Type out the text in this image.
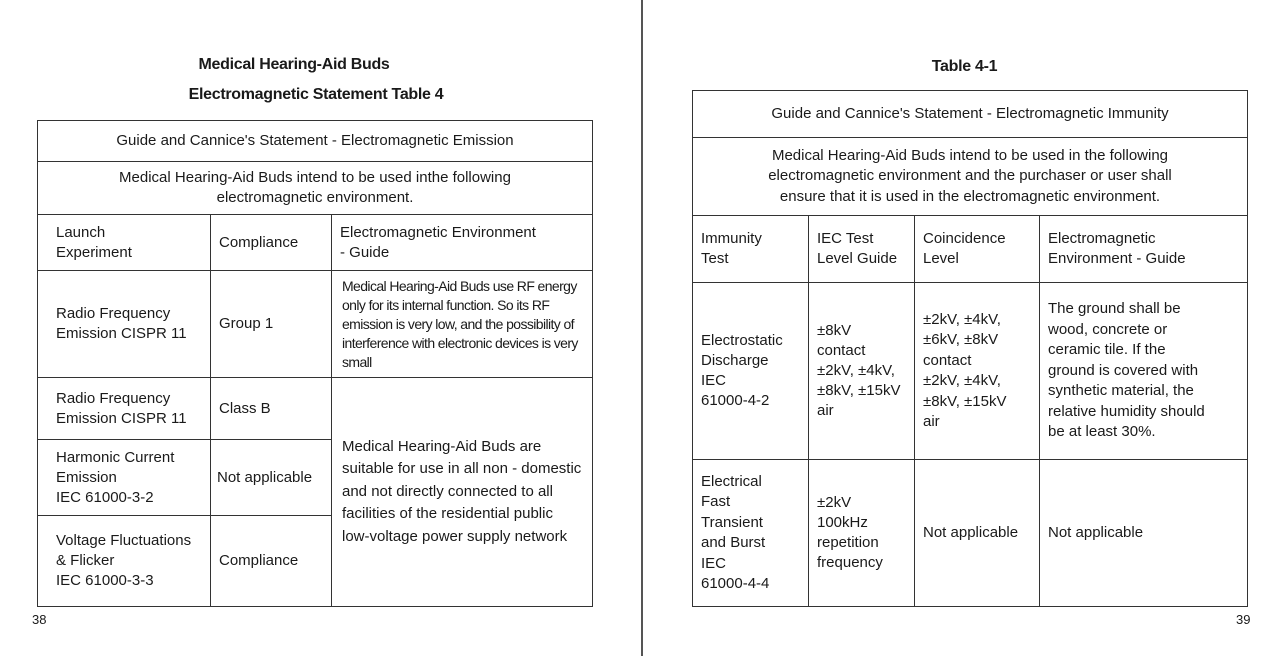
Medical Hearing-Aid Buds
Electromagnetic Statement Table 4
Guide and Cannice's Statement - Electromagnetic Emission
Medical Hearing-Aid Buds intend to be used inthe following
electromagnetic environment.
Launch
Experiment
Compliance
Electromagnetic Environment
- Guide
Radio Frequency
Emission CISPR 11
Group 1
Medical Hearing-Aid Buds use RF energy only for its internal function. So its RF emission is very low, and the possibility of interference with electronic devices is very small
Radio Frequency
Emission CISPR 11
Class B
Harmonic Current
Emission
IEC 61000-3-2
Not applicable
Voltage Fluctuations
& Flicker
IEC 61000-3-3
Compliance
Medical Hearing-Aid Buds are suitable for use in all non - domestic and not directly connected to all facilities of the residential public low-voltage power supply network
38
Table 4-1
Guide and Cannice's Statement - Electromagnetic Immunity
Medical Hearing-Aid Buds intend to be used in the following
electromagnetic environment and the purchaser or user shall
ensure that it is used in the electromagnetic environment.
Immunity
Test
IEC Test
Level Guide
Coincidence
Level
Electromagnetic
Environment - Guide
Electrostatic
Discharge
IEC
61000-4-2
±8kV
contact
±2kV, ±4kV,
±8kV, ±15kV
air
±2kV, ±4kV,
±6kV, ±8kV
contact
±2kV, ±4kV,
±8kV, ±15kV
air
The ground shall be
wood, concrete or
ceramic tile. If the
ground is covered with
synthetic material, the
relative humidity should
be at least 30%.
Electrical
Fast
Transient
and Burst
IEC
61000-4-4
±2kV
100kHz
repetition
frequency
Not applicable Not applicable
39
